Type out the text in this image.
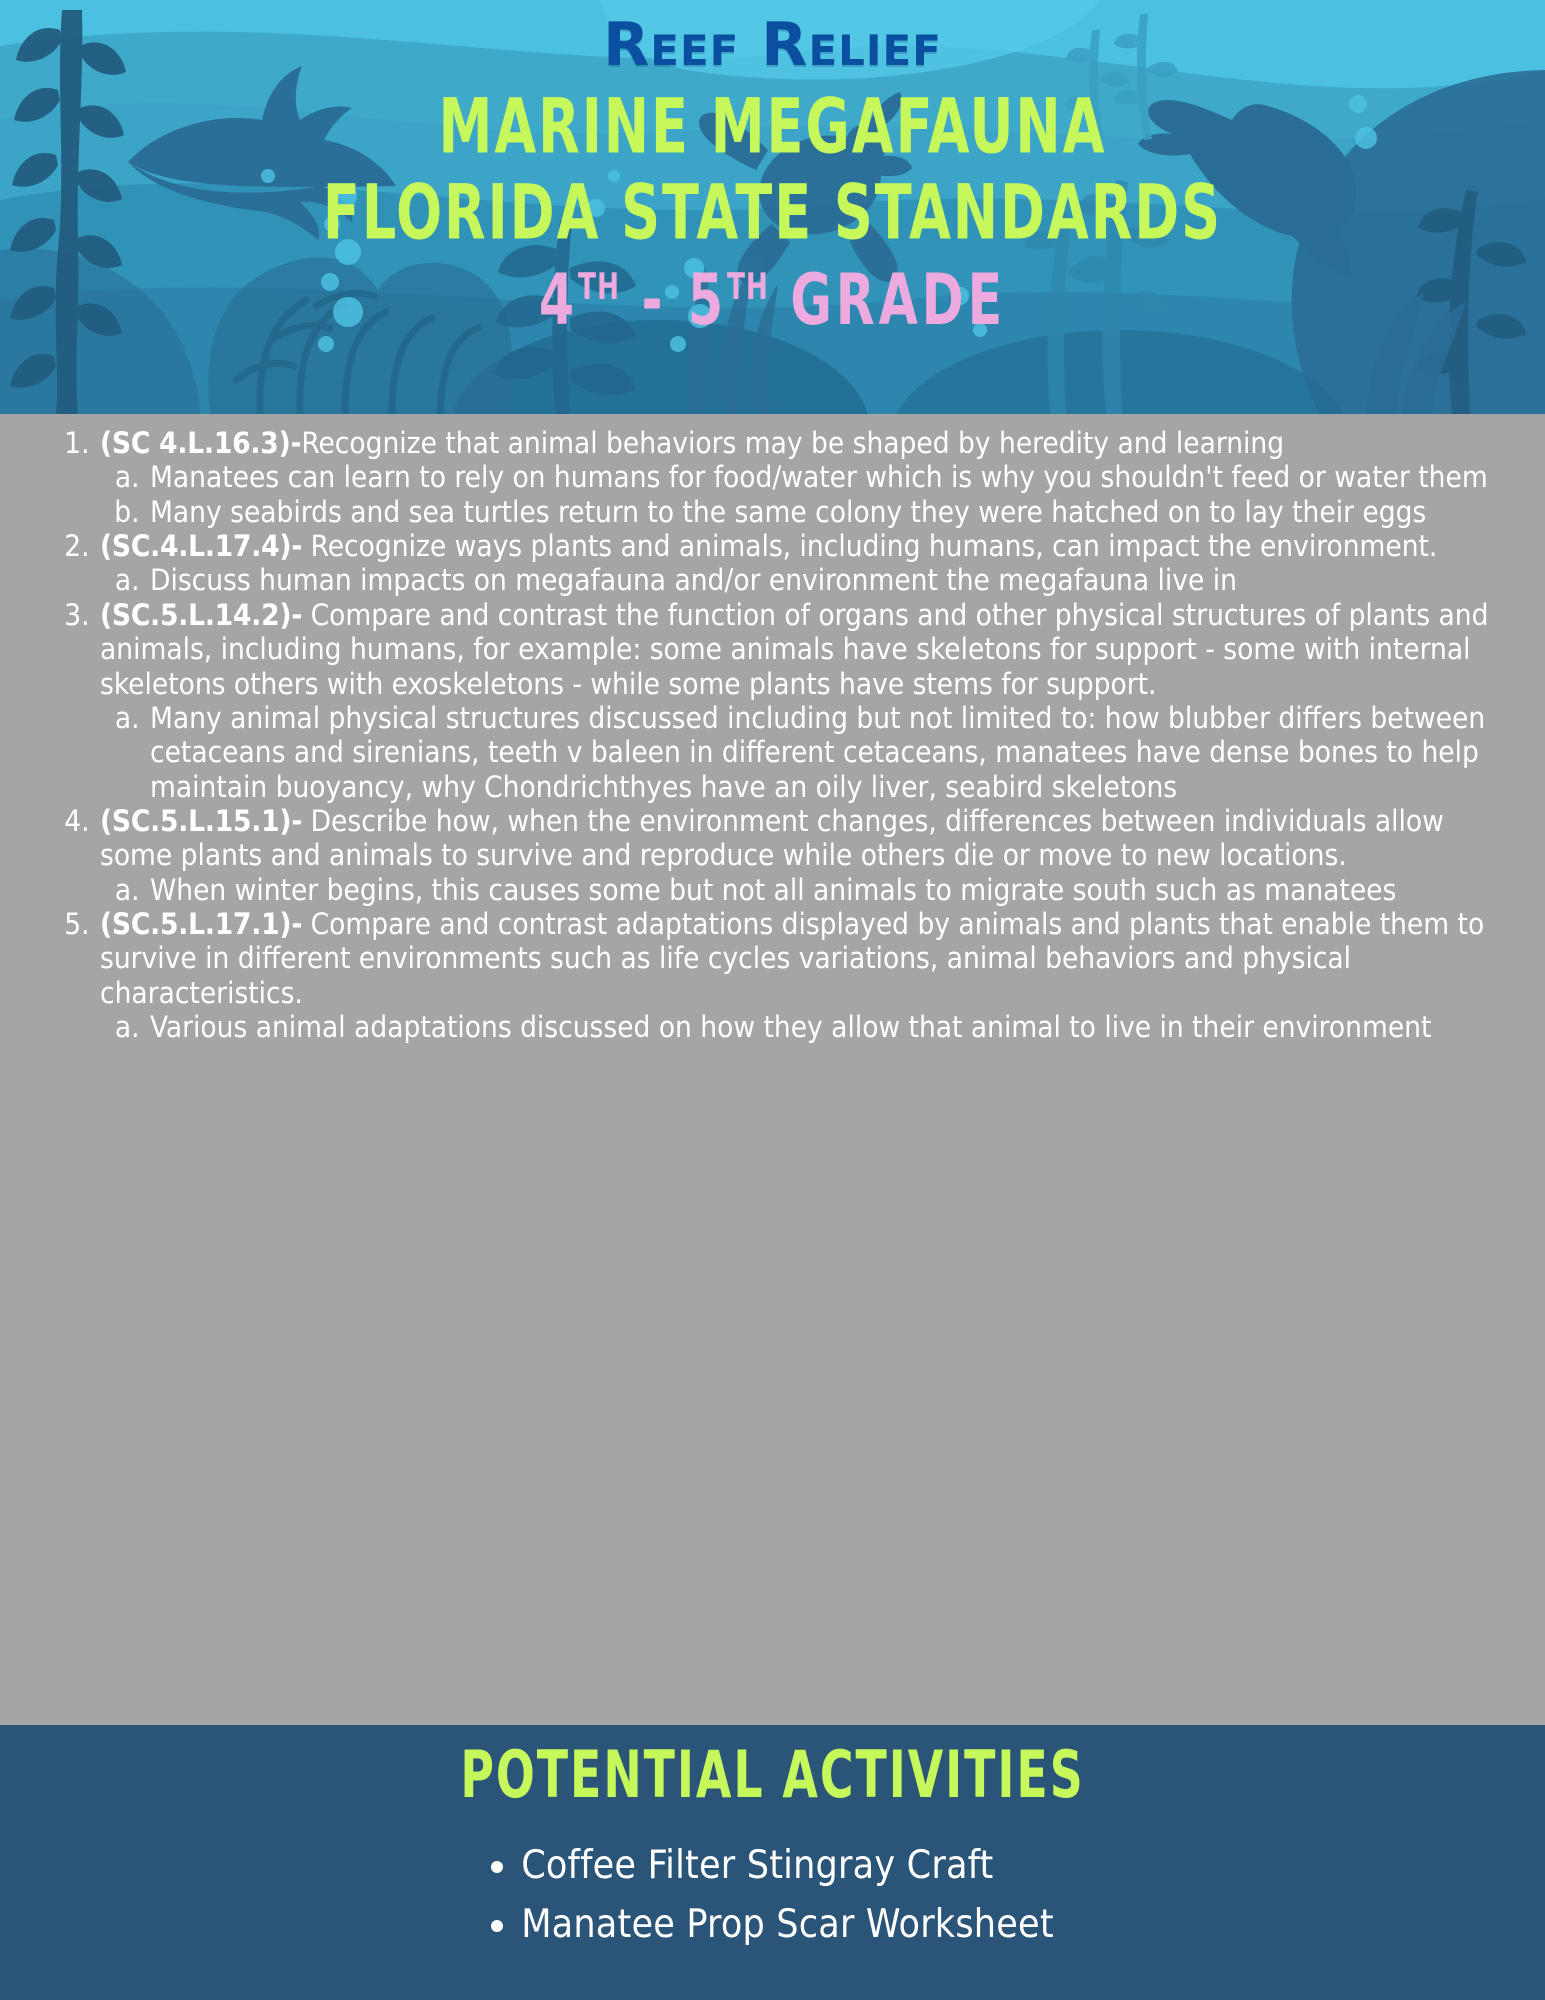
Reef Relief

MARINE MEGAFAUNA

FLORIDA STATE STANDARDS

4TH - 5TH GRADE

1. (SC 4.L.16.3)-Recognize that animal behaviors may be shaped by heredity and learning
a. Manatees can learn to rely on humans for food/water which is why you shouldn't feed or water them
b. Many seabirds and sea turtles return to the same colony they were hatched on to lay their eggs
2. (SC.4.L.17.4)- Recognize ways plants and animals, including humans, can impact the environment.
a. Discuss human impacts on megafauna and/or environment the megafauna live in
3. (SC.5.L.14.2)- Compare and contrast the function of organs and other physical structures of plants and animals, including humans, for example: some animals have skeletons for support - some with internal skeletons others with exoskeletons - while some plants have stems for support.
a. Many animal physical structures discussed including but not limited to: how blubber differs between cetaceans and sirenians, teeth v baleen in different cetaceans, manatees have dense bones to help maintain buoyancy, why Chondrichthyes have an oily liver, seabird skeletons
4. (SC.5.L.15.1)- Describe how, when the environment changes, differences between individuals allow some plants and animals to survive and reproduce while others die or move to new locations.
a. When winter begins, this causes some but not all animals to migrate south such as manatees
5. (SC.5.L.17.1)- Compare and contrast adaptations displayed by animals and plants that enable them to survive in different environments such as life cycles variations, animal behaviors and physical characteristics.
a. Various animal adaptations discussed on how they allow that animal to live in their environment
POTENTIAL ACTIVITIES
• Coffee Filter Stingray Craft
• Manatee Prop Scar Worksheet
